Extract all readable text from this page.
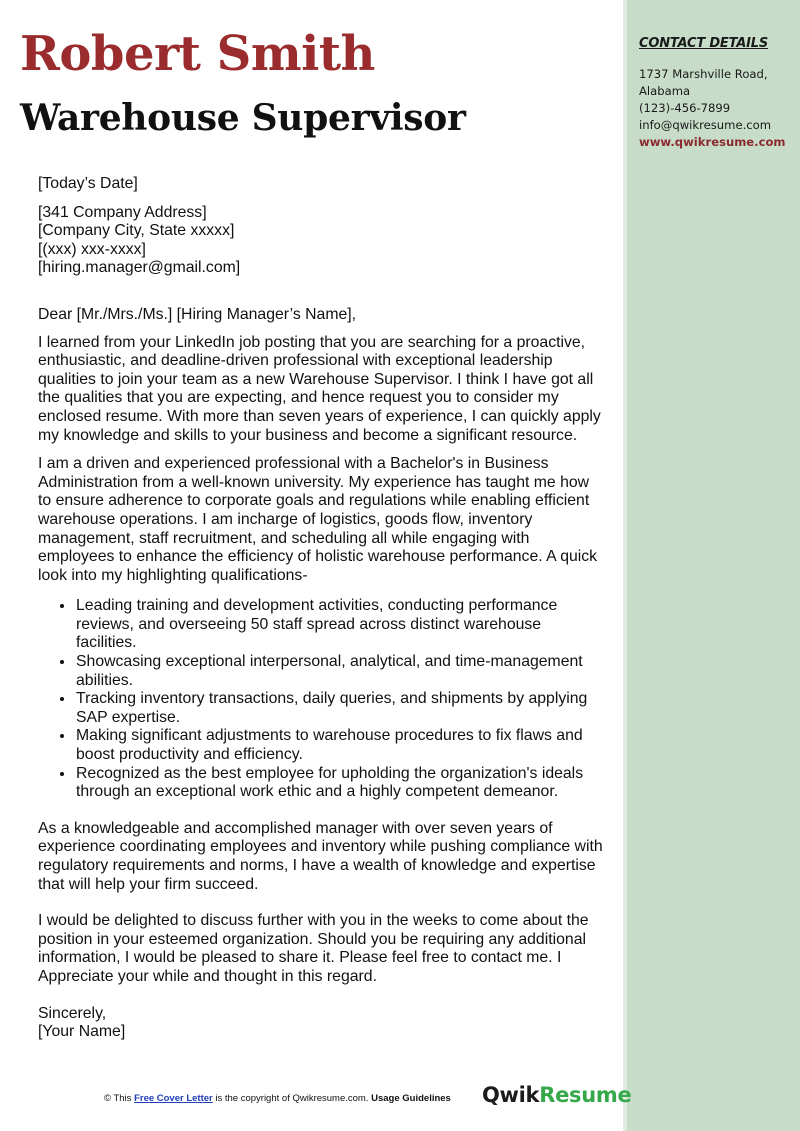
Robert Smith
Warehouse Supervisor
CONTACT DETAILS
1737 Marshville Road,
Alabama
(123)-456-7899
info@qwikresume.com
www.qwikresume.com

[Today’s Date]

[341 Company Address]
[Company City, State xxxxx]
[(xxx) xxx-xxxx]
[hiring.manager@gmail.com]

Dear [Mr./Mrs./Ms.] [Hiring Manager’s Name],

I learned from your LinkedIn job posting that you are searching for a proactive, enthusiastic, and deadline-driven professional with exceptional leadership qualities to join your team as a new Warehouse Supervisor. I think I have got all the qualities that you are expecting, and hence request you to consider my enclosed resume. With more than seven years of experience, I can quickly apply my knowledge and skills to your business and become a significant resource.

I am a driven and experienced professional with a Bachelor's in Business Administration from a well-known university. My experience has taught me how to ensure adherence to corporate goals and regulations while enabling efficient warehouse operations. I am incharge of logistics, goods flow, inventory management, staff recruitment, and scheduling all while engaging with employees to enhance the efficiency of holistic warehouse performance. A quick look into my highlighting qualifications-

• Leading training and development activities, conducting performance reviews, and overseeing 50 staff spread across distinct warehouse facilities.
• Showcasing exceptional interpersonal, analytical, and time-management abilities.
• Tracking inventory transactions, daily queries, and shipments by applying SAP expertise.
• Making significant adjustments to warehouse procedures to fix flaws and boost productivity and efficiency.
• Recognized as the best employee for upholding the organization's ideals through an exceptional work ethic and a highly competent demeanor.

As a knowledgeable and accomplished manager with over seven years of experience coordinating employees and inventory while pushing compliance with regulatory requirements and norms, I have a wealth of knowledge and expertise that will help your firm succeed.

I would be delighted to discuss further with you in the weeks to come about the position in your esteemed organization. Should you be requiring any additional information, I would be pleased to share it. Please feel free to contact me. I Appreciate your while and thought in this regard.

Sincerely,

[Your Name]

© This Free Cover Letter is the copyright of Qwikresume.com. Usage Guidelines QwikResume
